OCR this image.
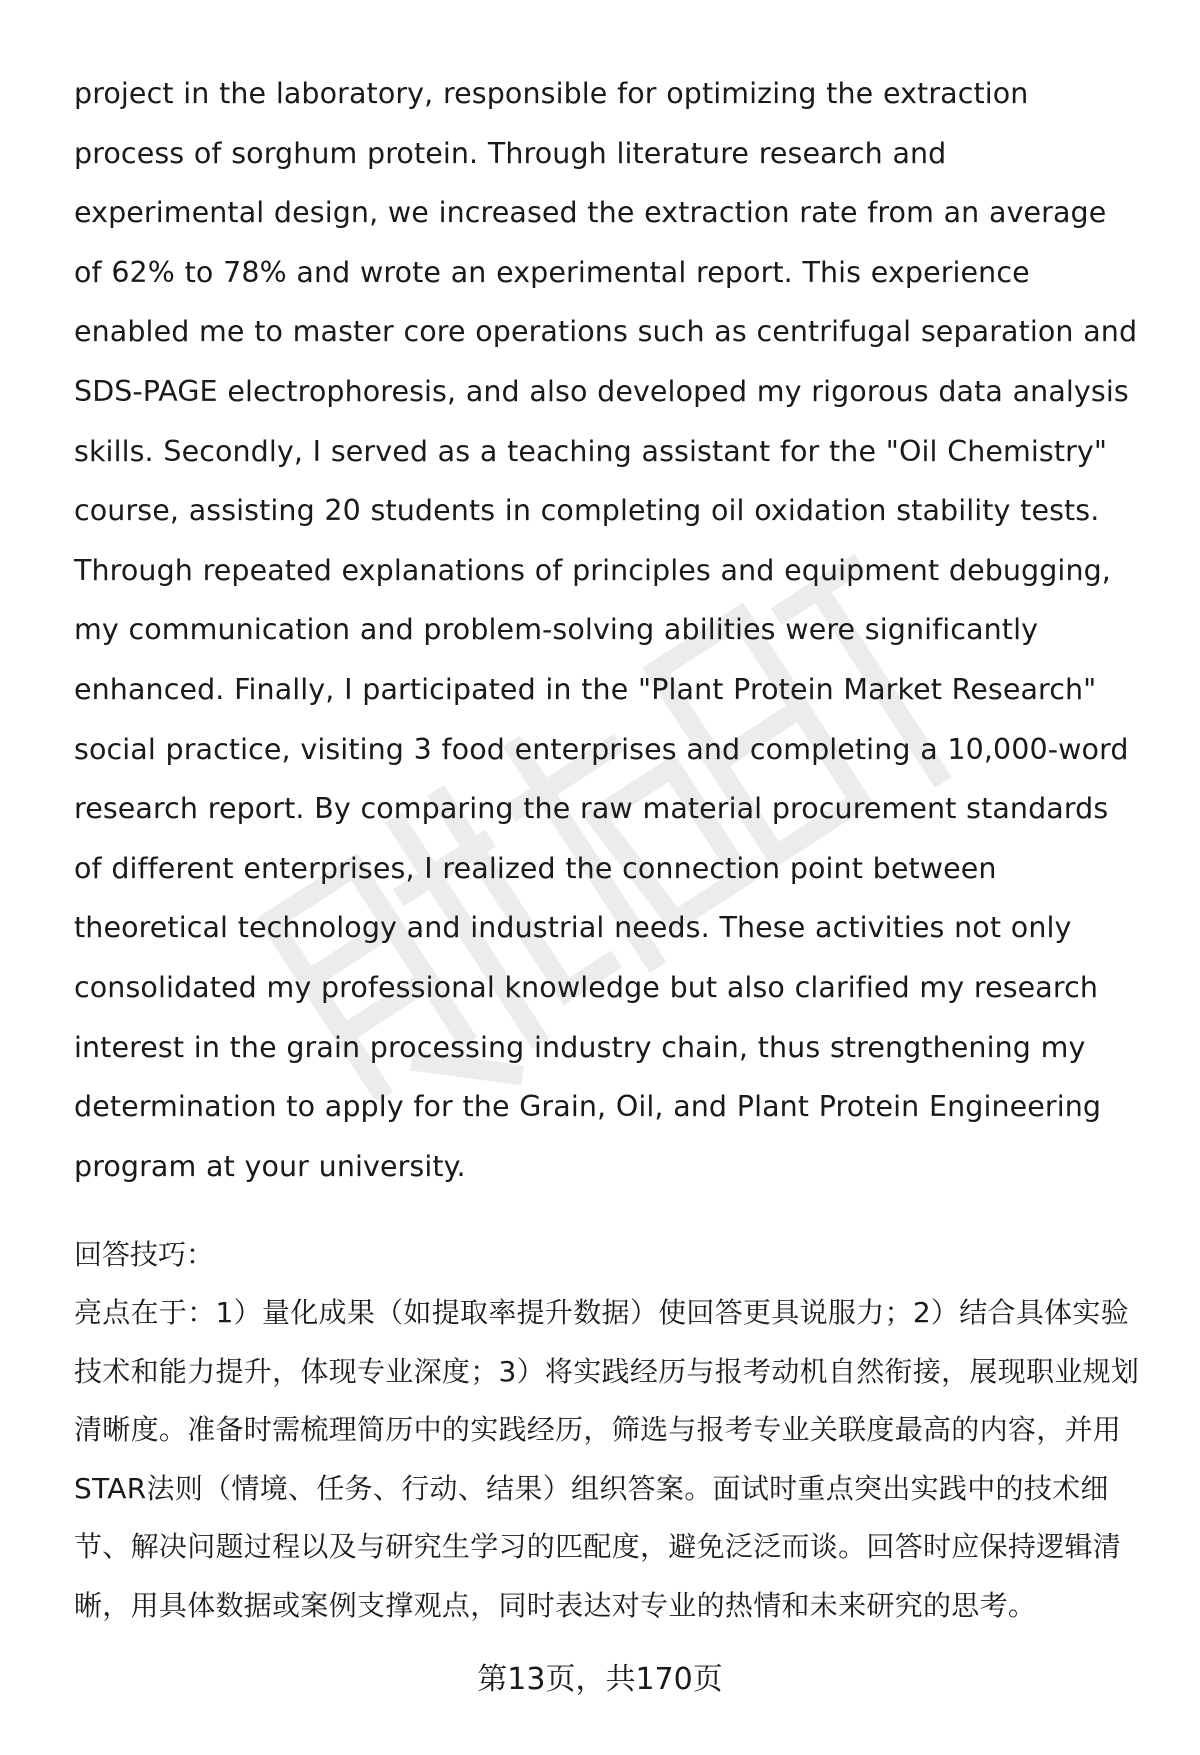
project in the laboratory, responsible for optimizing the extraction process of sorghum protein. Through literature research and experimental design, we increased the extraction rate from an average of 62% to 78% and wrote an experimental report. This experience enabled me to master core operations such as centrifugal separation and SDS-PAGE electrophoresis, and also developed my rigorous data analysis skills. Secondly, I served as a teaching assistant for the "Oil Chemistry" course, assisting 20 students in completing oil oxidation stability tests. Through repeated explanations of principles and equipment debugging, my communication and problem-solving abilities were significantly enhanced. Finally, I participated in the "Plant Protein Market Research" social practice, visiting 3 food enterprises and completing a 10,000-word research report. By comparing the raw material procurement standards of different enterprises, I realized the connection point between theoretical technology and industrial needs. These activities not only consolidated my professional knowledge but also clarified my research interest in the grain processing industry chain, thus strengthening my determination to apply for the Grain, Oil, and Plant Protein Engineering program at your university.

回答技巧：

亮点在于：1）量化成果（如提取率提升数据）使回答更具说服力；2）结合具体实验技术和能力提升，体现专业深度；3）将实践经历与报考动机自然衔接，展现职业规划清晰度。准备时需梳理简历中的实践经历，筛选与报考专业关联度最高的内容，并用STAR法则（情境、任务、行动、结果）组织答案。面试时重点突出实践中的技术细节、解决问题过程以及与研究生学习的匹配度，避免泛泛而谈。回答时应保持逻辑清晰，用具体数据或案例支撑观点，同时表达对专业的热情和未来研究的思考。

第13页，共170页
